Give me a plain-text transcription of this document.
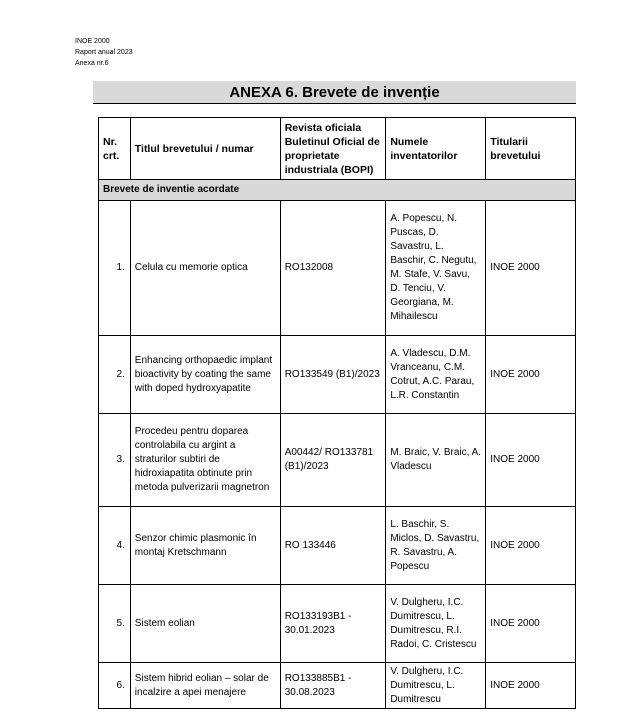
INOE 2000
Raport anual 2023
Anexa nr.6
ANEXA 6. Brevete de invenție
Nr. crt.	Titlul brevetului / numar	Revista oficiala Buletinul Oficial de proprietate industriala (BOPI)	Numele inventatorilor	Titularii brevetului
Brevete de inventie acordate				
1.	Celula cu memorie optica	RO132008	A. Popescu, N. Puscas, D. Savastru, L. Baschir, C. Negutu, M. Stafe, V. Savu, D. Tenciu, V. Georgiana, M. Mihailescu	INOE 2000
2.	Enhancing orthopaedic implant bioactivity by coating the same with doped hydroxyapatite	RO133549 (B1)/2023	A. Vladescu, D.M. Vranceanu, C.M. Cotrut, A.C. Parau, L.R. Constantin	INOE 2000
3.	Procedeu pentru doparea controlabila cu argint a straturilor subtiri de hidroxiapatita obtinute prin metoda pulverizarii magnetron	A00442/ RO133781 (B1)/2023	M. Braic, V. Braic, A. Vladescu	INOE 2000
4.	Senzor chimic plasmonic în montaj Kretschmann	RO 133446	L. Baschir, S. Miclos, D. Savastru, R. Savastru, A. Popescu	INOE 2000
5.	Sistem eolian	RO133193B1 - 30.01.2023	V. Dulgheru, I.C. Dumitrescu, L. Dumitrescu, R.I. Radoi, C. Cristescu	INOE 2000
6.	Sistem hibrid eolian – solar de incalzire a apei menajere	RO133885B1 - 30.08.2023	V. Dulgheru, I.C. Dumitrescu, L. Dumitrescu	INOE 2000
